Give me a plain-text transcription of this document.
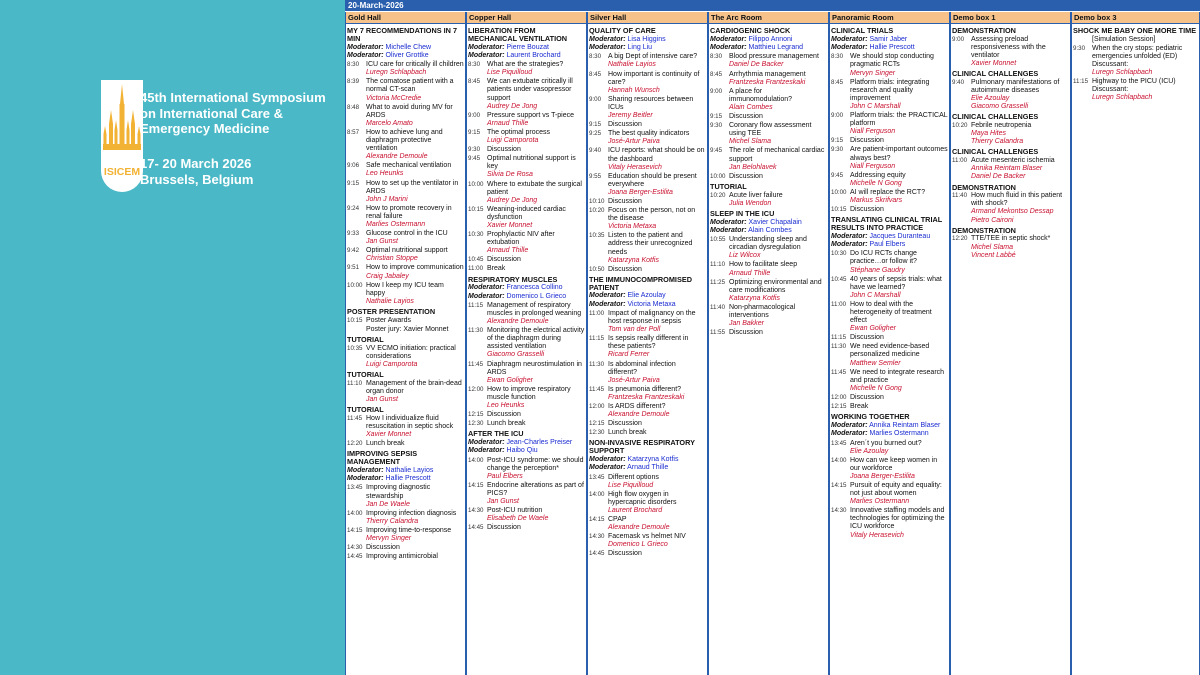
ISICEM
45th International Symposium on International Care & Emergency Medicine
17- 20 March 2026
Brussels, Belgium
20-March-2026
Gold Hall
MY 7 RECOMMENDATIONS IN 7 MIN
Moderator: Michelle Chew
Moderator: Oliver Grottke
8:30 ICU care for critically ill children
Luregn Schlapbach
8:39 The comatose patient with a normal CT-scan
Victoria McCredie
8:48 What to avoid during MV for ARDS
Marcelo Amato
8:57 How to achieve lung and diaphragm protective ventilation
Alexandre Demoule
9:06 Safe mechanical ventilation
Leo Heunks
9:15 How to set up the ventilator in ARDS
John J Marini
9:24 How to promote recovery in renal failure
Marlies Ostermann
9:33 Glucose control in the ICU
Jan Gunst
9:42 Optimal nutritional support
Christian Stoppe
9:51 How to improve communication
Craig Jabaley
10:00 How I keep my ICU team happy
Nathalie Layios
POSTER PRESENTATION
10:15 Poster Awards
Poster jury: Xavier Monnet
TUTORIAL
10:35 VV ECMO initiation: practical considerations
Luigi Camporota
TUTORIAL
11:10 Management of the brain-dead organ donor
Jan Gunst
TUTORIAL
11:45 How I individualize fluid resuscitation in septic shock
Xavier Monnet
12:20 Lunch break
IMPROVING SEPSIS MANAGEMENT
Moderator: Nathalie Layios
Moderator: Hallie Prescott
13:45 Improving diagnostic stewardship
Jan De Waele
14:00 Improving infection diagnosis
Thierry Calandra
14:15 Improving time-to-response
Mervyn Singer
14:30 Discussion
14:45 Improving antimicrobial
Copper Hall
LIBERATION FROM MECHANICAL VENTILATION
Moderator: Pierre Bouzat
Moderator: Laurent Brochard
8:30 What are the strategies?
Lise Piquilloud
8:45 We can extubate critically ill patients under vasopressor support
Audrey De Jong
9:00 Pressure support vs T-piece
Arnaud Thille
9:15 The optimal process
Luigi Camporota
9:30 Discussion
9:45 Optimal nutritional support is key
Silvia De Rosa
10:00 Where to extubate the surgical patient
Audrey De Jong
10:15 Weaning-induced cardiac dysfunction
Xavier Monnet
10:30 Prophylactic NIV after extubation
Arnaud Thille
10:45 Discussion
11:00 Break
RESPIRATORY MUSCLES
Moderator: Francesca Collino
Moderator: Domenico L Grieco
11:15 Management of respiratory muscles in prolonged weaning
Alexandre Demoule
11:30 Monitoring the electrical activity of the diaphragm during assisted ventilation
Giacomo Grasselli
11:45 Diaphragm neurostimulation in ARDS
Ewan Goligher
12:00 How to improve respiratory muscle function
Leo Heunks
12:15 Discussion
12:30 Lunch break
AFTER THE ICU
Moderator: Jean-Charles Preiser
Moderator: Haibo Qiu
14:00 Post-ICU syndrome: we should change the perception*
Paul Elbers
14:15 Endocrine alterations as part of PICS?
Jan Gunst
14:30 Post-ICU nutrition
Elisabeth De Waele
14:45 Discussion
Silver Hall
QUALITY OF CARE
Moderator: Lisa Higgins
Moderator: Ling Liu
8:30 A big Dept of intensive care?
Nathalie Layios
8:45 How important is continuity of care?
Hannah Wunsch
9:00 Sharing resources between ICUs
Jeremy Beitler
9:15 Discussion
9:25 The best quality indicators
José-Artur Paiva
9:40 ICU reports: what should be on the dashboard
Vitaly Herasevich
9:55 Education should be present everywhere
Joana Berger-Estilita
10:10 Discussion
10:20 Focus on the person, not on the disease
Victoria Metaxa
10:35 Listen to the patient and address their unrecognized needs
Katarzyna Kotfis
10:50 Discussion
THE IMMUNOCOMPROMISED PATIENT
Moderator: Elie Azoulay
Moderator: Victoria Metaxa
11:00 Impact of malignancy on the host response in sepsis
Tom van der Poll
11:15 Is sepsis really different in these patients?
Ricard Ferrer
11:30 Is abdominal infection different?
José-Artur Paiva
11:45 Is pneumonia different?
Frantzeska Frantzeskaki
12:00 Is ARDS different?
Alexandre Demoule
12:15 Discussion
12:30 Lunch break
NON-INVASIVE RESPIRATORY SUPPORT
Moderator: Katarzyna Kotfis
Moderator: Arnaud Thille
13:45 Different options
Lise Piquilloud
14:00 High flow oxygen in hypercapnic disorders
Laurent Brochard
14:15 CPAP
Alexandre Demoule
14:30 Facemask vs helmet NIV
Domenico L Grieco
14:45 Discussion
The Arc Room
CARDIOGENIC SHOCK
Moderator: Filippo Annoni
Moderator: Matthieu Legrand
8:30 Blood pressure management
Daniel De Backer
8:45 Arrhythmia management
Frantzeska Frantzeskaki
9:00 A place for immunomodulation?
Alain Combes
9:15 Discussion
9:30 Coronary flow assessment using TEE
Michel Slama
9:45 The role of mechanical cardiac support
Jan Belohlavek
10:00 Discussion
TUTORIAL
10:20 Acute liver failure
Julia Wendon
SLEEP IN THE ICU
Moderator: Xavier Chapalain
Moderator: Alain Combes
10:55 Understanding sleep and circadian dysregulation
Liz Wilcox
11:10 How to facilitate sleep
Arnaud Thille
11:25 Optimizing environmental and care modifications
Katarzyna Kotfis
11:40 Non-pharmacological interventions
Jan Bakker
11:55 Discussion
Panoramic Room
CLINICAL TRIALS
Moderator: Samir Jaber
Moderator: Hallie Prescott
8:30 We should stop conducting pragmatic RCTs
Mervyn Singer
8:45 Platform trials: integrating research and quality improvement
John C Marshall
9:00 Platform trials: the PRACTICAL platform
Niall Ferguson
9:15 Discussion
9:30 Are patient-important outcomes always best?
Niall Ferguson
9:45 Addressing equity
Michelle N Gong
10:00 AI will replace the RCT?
Markus Skrifvars
10:15 Discussion
TRANSLATING CLINICAL TRIAL RESULTS INTO PRACTICE
Moderator: Jacques Duranteau
Moderator: Paul Elbers
10:30 Do ICU RCTs change practice…or follow it?
Stéphane Gaudry
10:45 40 years of sepsis trials: what have we learned?
John C Marshall
11:00 How to deal with the heterogeneity of treatment effect
Ewan Goligher
11:15 Discussion
11:30 We need evidence-based personalized medicine
Matthew Semler
11:45 We need to integrate research and practice
Michelle N Gong
12:00 Discussion
12:15 Break
WORKING TOGETHER
Moderator: Annika Reintam Blaser
Moderator: Marlies Ostermann
13:45 Aren´t you burned out?
Elie Azoulay
14:00 How can we keep women in our workforce
Joana Berger-Estilita
14:15 Pursuit of equity and equality: not just about women
Marlies Ostermann
14:30 Innovative staffing models and technologies for optimizing the ICU workforce
Vitaly Herasevich
Demo box 1
DEMONSTRATION
9:00 Assessing preload responsiveness with the ventilator
Xavier Monnet
CLINICAL CHALLENGES
9:40 Pulmonary manifestations of autoimmune diseases
Elie Azoulay
Giacomo Grasselli
CLINICAL CHALLENGES
10:20 Febrile neutropenia
Maya Hites
Thierry Calandra
CLINICAL CHALLENGES
11:00 Acute mesenteric ischemia
Annika Reintam Blaser
Daniel De Backer
DEMONSTRATION
11:40 How much fluid in this patient with shock?
Armand Mekontso Dessap
Pietro Caironi
DEMONSTRATION
12:20 TTE/TEE in septic shock*
Michel Slama
Vincent Labbé
Demo box 3
SHOCK ME BABY ONE MORE TIME
[Simulation Session]
9:30 When the cry stops: pediatric emergencies unfolded (ED) Discussant:
Luregn Schlapbach
11:15 Highway to the PICU (ICU) Discussant:
Luregn Schlapbach
